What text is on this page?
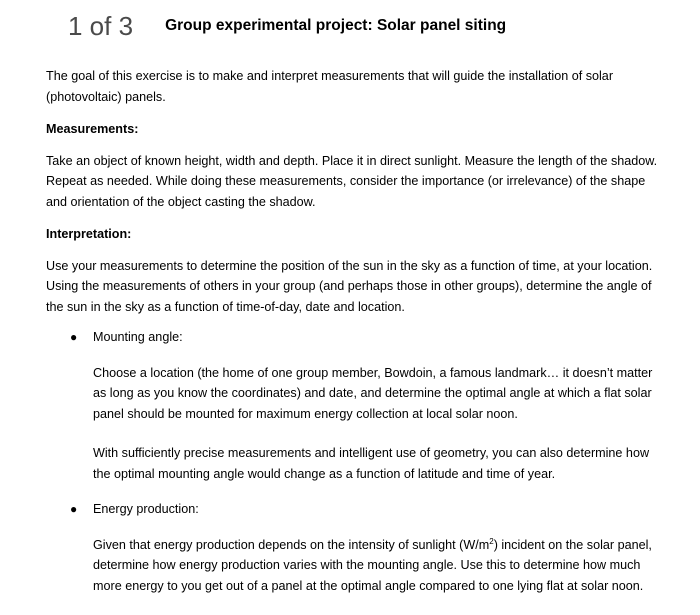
1 of 3 Group experimental project: Solar panel siting

The goal of this exercise is to make and interpret measurements that will guide the installation of solar (photovoltaic) panels.

Measurements:

Take an object of known height, width and depth. Place it in direct sunlight. Measure the length of the shadow. Repeat as needed. While doing these measurements, consider the importance (or irrelevance) of the shape and orientation of the object casting the shadow.

Interpretation:

Use your measurements to determine the position of the sun in the sky as a function of time, at your location. Using the measurements of others in your group (and perhaps those in other groups), determine the angle of the sun in the sky as a function of time-of-day, date and location.

● Mounting angle:

Choose a location (the home of one group member, Bowdoin, a famous landmark… it doesn’t matter as long as you know the coordinates) and date, and determine the optimal angle at which a flat solar panel should be mounted for maximum energy collection at local solar noon.

With sufficiently precise measurements and intelligent use of geometry, you can also determine how the optimal mounting angle would change as a function of latitude and time of year.

● Energy production:

Given that energy production depends on the intensity of sunlight $(W/m^2)$ incident on the solar panel, determine how energy production varies with the mounting angle. Use this to determine how much more energy to you get out of a panel at the optimal angle compared to one lying flat at solar noon.
